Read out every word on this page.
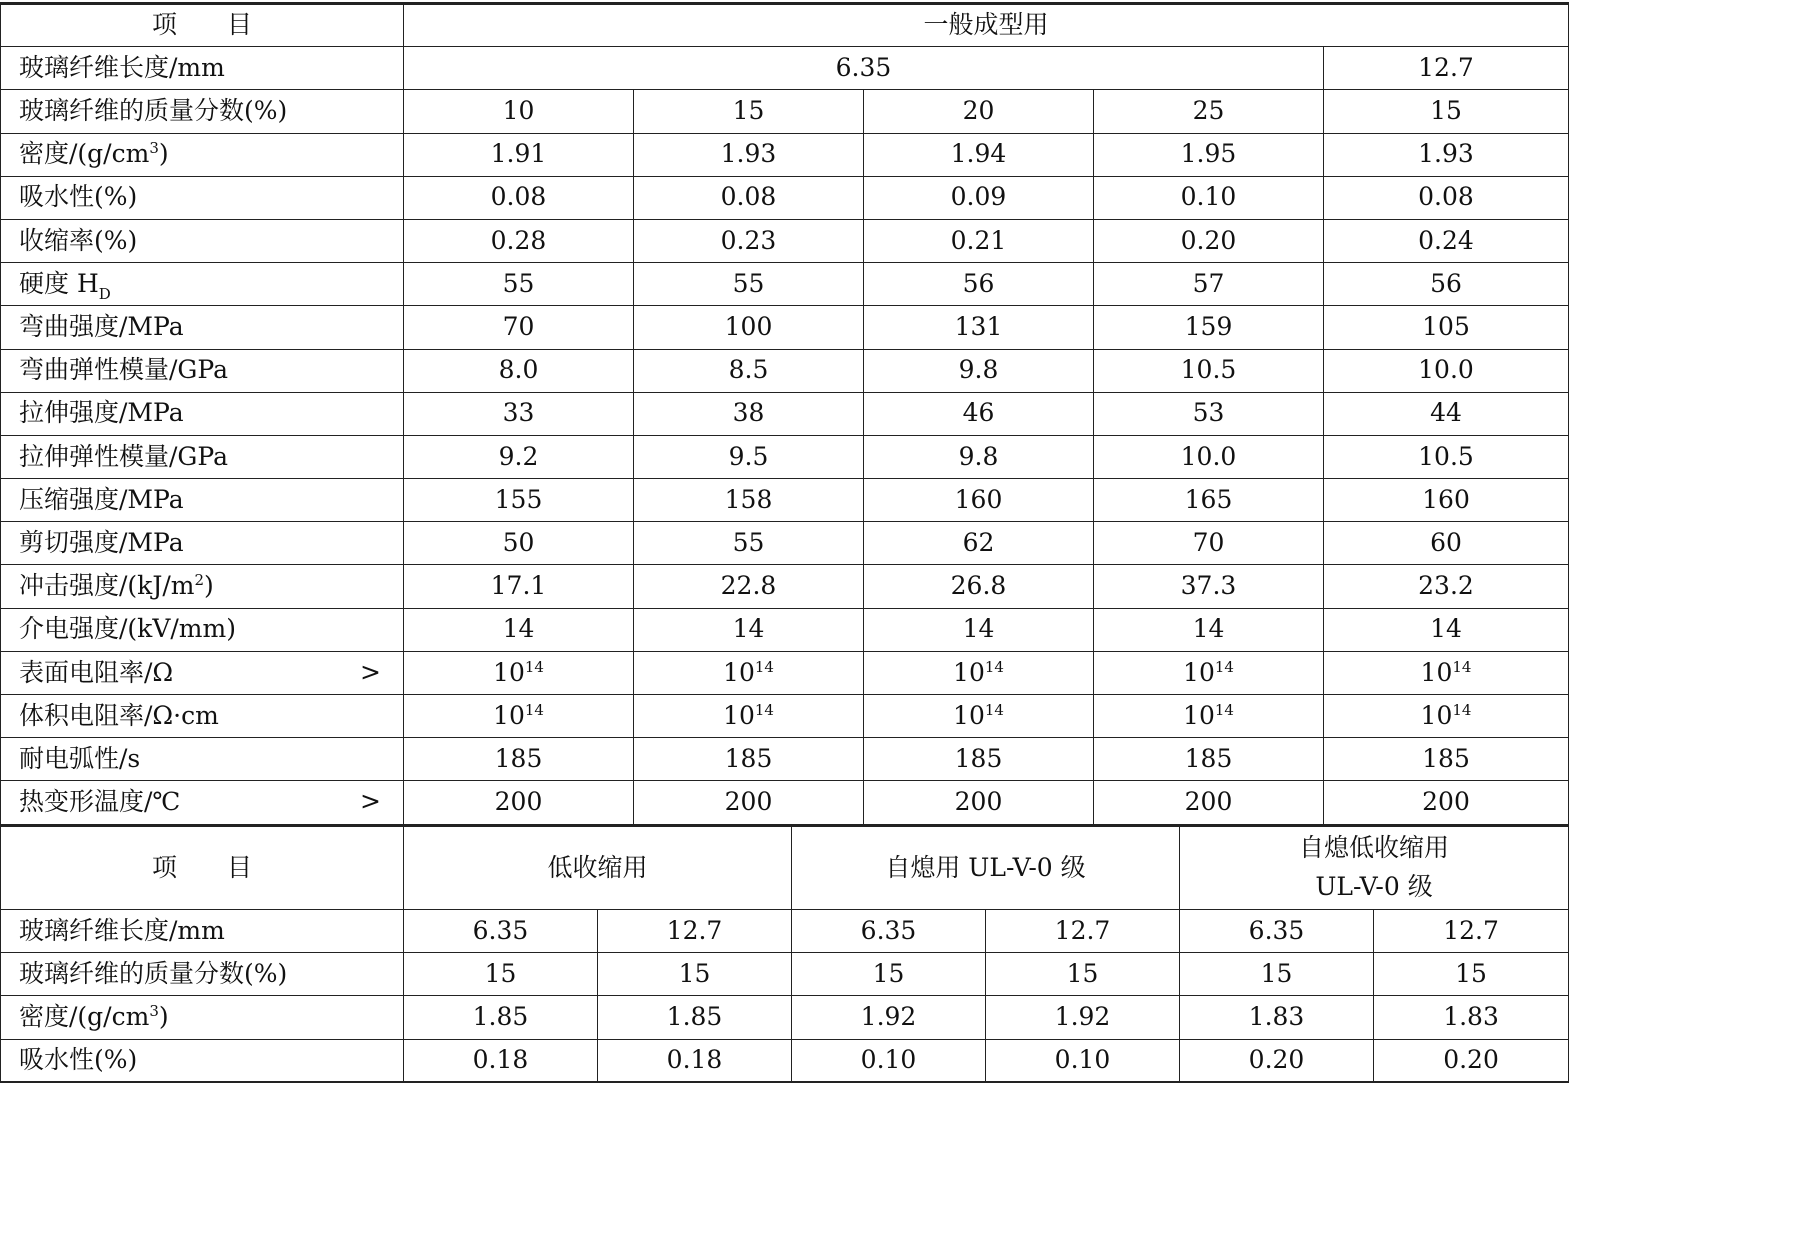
项　　目	一般成型用				
玻璃纤维长度/mm	6.35				12.7
玻璃纤维的质量分数(%)	10	15	20	25	15
密度$/(g/cm^3)$	1.91	1.93	1.94	1.95	1.93
吸水性(%)	0.08	0.08	0.09	0.10	0.08
收缩率(%)	0.28	0.23	0.21	0.20	0.24
硬度 $H_D$	55	55	56	57	56
弯曲强度/MPa	70	100	131	159	105
弯曲弹性模量/GPa	8.0	8.5	9.8	10.5	10.0
拉伸强度/MPa	33	38	46	53	44
拉伸弹性模量/GPa	9.2	9.5	9.8	10.0	10.5
压缩强度/MPa	155	158	160	165	160
剪切强度/MPa	50	55	62	70	60
冲击强度$/(kJ/m^2)$	17.1	22.8	26.8	37.3	23.2
介电强度/(kV/mm)	14	14	14	14	14
表面电阻率/Ω >	$10^{14}$	$10^{14}$	$10^{14}$	$10^{14}$	$10^{14}$
体积电阻率/Ω·cm	$10^{14}$	$10^{14}$	$10^{14}$	$10^{14}$	$10^{14}$
耐电弧性/s	185	185	185	185	185
热变形温度/℃ >	200	200	200	200	200
项　　目	低收缩用		自熄用 UL-V-0 级		自熄低收缩用
UL-V-0 级	

玻璃纤维长度/mm	6.35	12.7	6.35	12.7	6.35	12.7
玻璃纤维的质量分数(%)	15	15	15	15	15	15
密度$/(g/cm^3)$	1.85	1.85	1.92	1.92	1.83	1.83
吸水性(%)	0.18	0.18	0.10	0.10	0.20	0.20
